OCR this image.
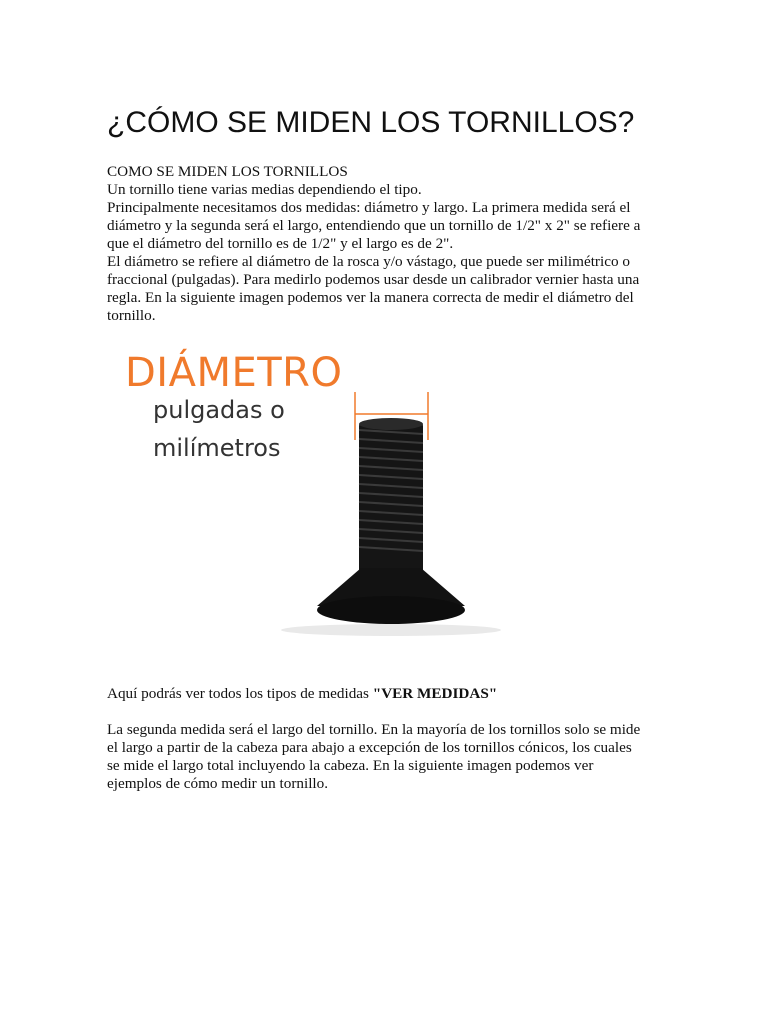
¿CÓMO SE MIDEN LOS TORNILLOS?
COMO SE MIDEN LOS TORNILLOS
Un tornillo tiene varias medias dependiendo el tipo.
Principalmente necesitamos dos medidas: diámetro y largo. La primera medida será el diámetro y la segunda será el largo, entendiendo que un tornillo de 1/2" x 2" se refiere a que el diámetro del tornillo es de 1/2" y el largo es de 2".
El diámetro se refiere al diámetro de la rosca y/o vástago, que puede ser milimétrico o fraccional (pulgadas). Para medirlo podemos usar desde un calibrador vernier hasta una regla. En la siguiente imagen podemos ver la manera correcta de medir el diámetro del tornillo.
Aquí podrás ver todos los tipos de medidas "VER MEDIDAS"
La segunda medida será el largo del tornillo. En la mayoría de los tornillos solo se mide el largo a partir de la cabeza para abajo a excepción de los tornillos cónicos, los cuales se mide el largo total incluyendo la cabeza. En la siguiente imagen podemos ver ejemplos de cómo medir un tornillo.
DIÁMETRO
pulgadas o
milímetros
